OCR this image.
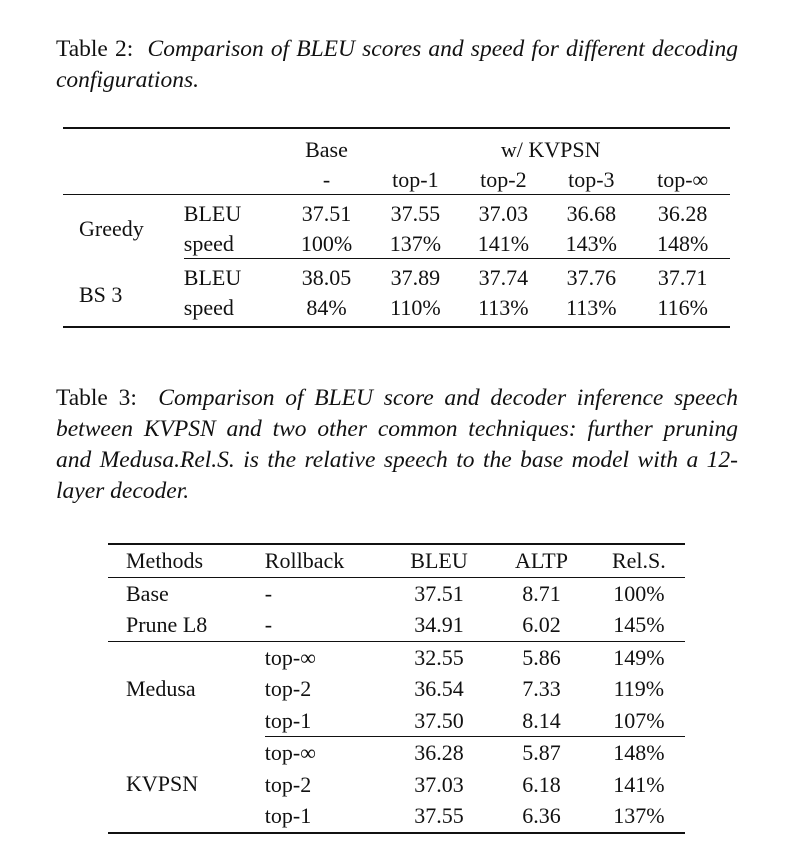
Table 2: Comparison of BLEU scores and speed for different decoding configurations.

		Base	w/ KVPSN			
		-	top-1	top-2	top-3	top-∞
Greedy	BLEU	37.51	37.55	37.03	36.68	36.28
	speed	100%	137%	141%	143%	148%
BS 3	BLEU	38.05	37.89	37.74	37.76	37.71
	speed	84%	110%	113%	113%	116%

Table 3: Comparison of BLEU score and decoder inference speech between KVPSN and two other common techniques: further pruning and Medusa.Rel.S. is the relative speech to the base model with a 12-layer decoder.

Methods	Rollback	BLEU	ALTP	Rel.S.
Base	-	37.51	8.71	100%
Prune L8	-	34.91	6.02	145%
Medusa	top-∞	32.55	5.86	149%
	top-2	36.54	7.33	119%
	top-1	37.50	8.14	107%
KVPSN	top-∞	36.28	5.87	148%
	top-2	37.03	6.18	141%
	top-1	37.55	6.36	137%
